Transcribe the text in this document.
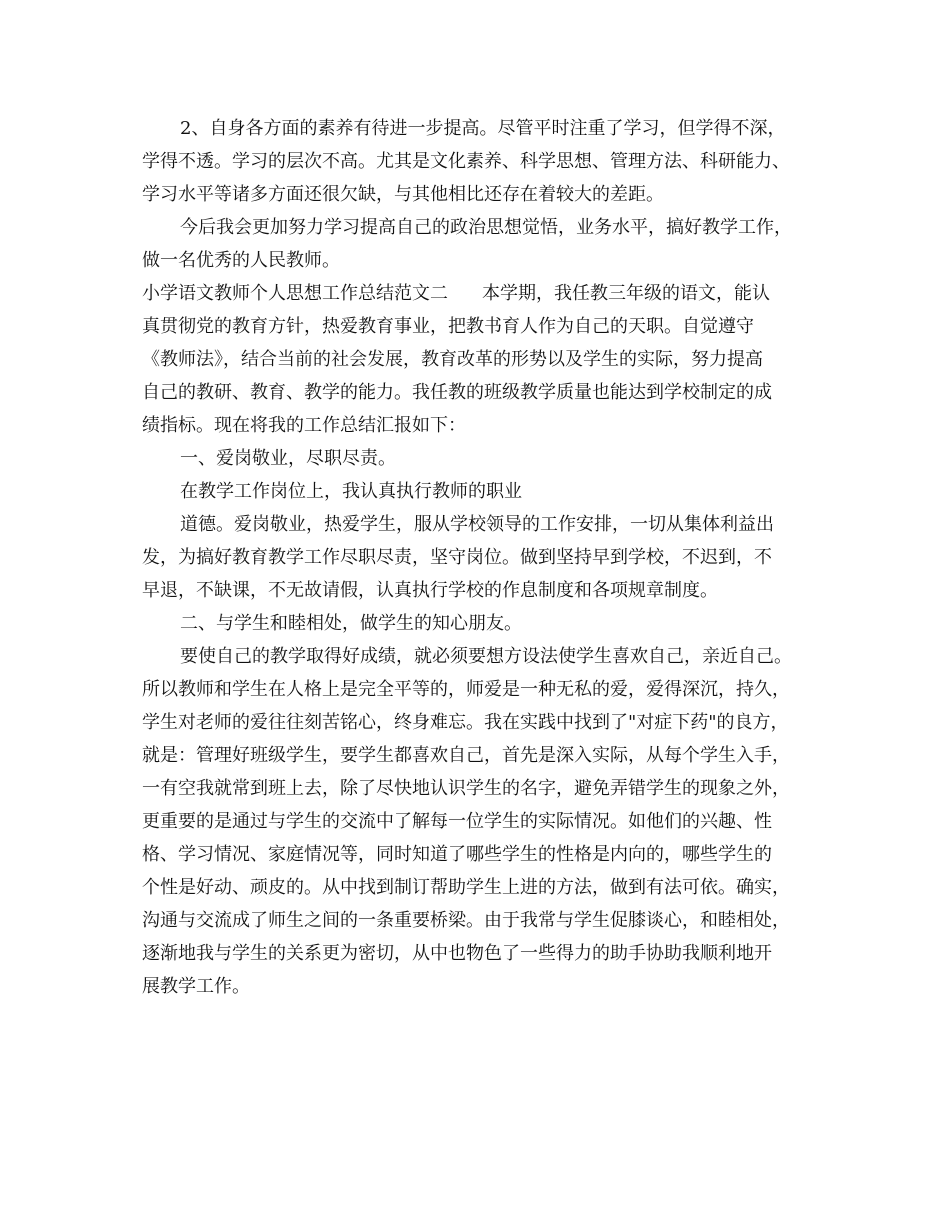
2、自身各方面的素养有待进一步提高。尽管平时注重了学习，但学得不深，
学得不透。学习的层次不高。尤其是文化素养、科学思想、管理方法、科研能力、
学习水平等诸多方面还很欠缺，与其他相比还存在着较大的差距。
今后我会更加努力学习提高自己的政治思想觉悟，业务水平，搞好教学工作，
做一名优秀的人民教师。
小学语文教师个人思想工作总结范文二 本学期，我任教三年级的语文，能认
真贯彻党的教育方针，热爱教育事业，把教书育人作为自己的天职。自觉遵守
《教师法》，结合当前的社会发展，教育改革的形势以及学生的实际，努力提高
自己的教研、教育、教学的能力。我任教的班级教学质量也能达到学校制定的成
绩指标。现在将我的工作总结汇报如下：
一、爱岗敬业，尽职尽责。
在教学工作岗位上，我认真执行教师的职业
道德。爱岗敬业，热爱学生，服从学校领导的工作安排，一切从集体利益出
发，为搞好教育教学工作尽职尽责，坚守岗位。做到坚持早到学校，不迟到，不
早退，不缺课，不无故请假，认真执行学校的作息制度和各项规章制度。
二、与学生和睦相处，做学生的知心朋友。
要使自己的教学取得好成绩，就必须要想方设法使学生喜欢自己，亲近自己。
所以教师和学生在人格上是完全平等的，师爱是一种无私的爱，爱得深沉，持久，
学生对老师的爱往往刻苦铭心，终身难忘。我在实践中找到了"对症下药"的良方，
就是：管理好班级学生，要学生都喜欢自己，首先是深入实际，从每个学生入手，
一有空我就常到班上去，除了尽快地认识学生的名字，避免弄错学生的现象之外，
更重要的是通过与学生的交流中了解每一位学生的实际情况。如他们的兴趣、性
格、学习情况、家庭情况等，同时知道了哪些学生的性格是内向的，哪些学生的
个性是好动、顽皮的。从中找到制订帮助学生上进的方法，做到有法可依。确实，
沟通与交流成了师生之间的一条重要桥梁。由于我常与学生促膝谈心，和睦相处，
逐渐地我与学生的关系更为密切，从中也物色了一些得力的助手协助我顺利地开
展教学工作。
